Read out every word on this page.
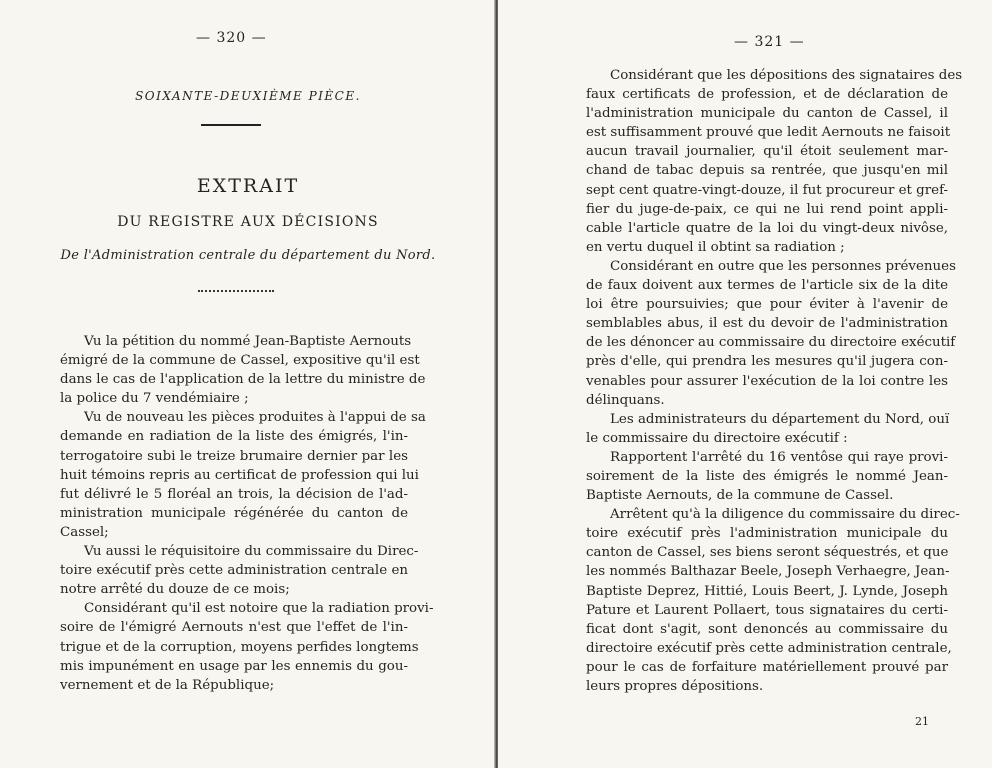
— 320 —
SOIXANTE-DEUXIÈME PIÈCE.
EXTRAIT
DU REGISTRE AUX DÉCISIONS
De l'Administration centrale du département du Nord.
Vu la pétition du nommé Jean-Baptiste Aernouts
émigré de la commune de Cassel, expositive qu'il est
dans le cas de l'application de la lettre du ministre de
la police du 7 vendémiaire ;
Vu de nouveau les pièces produites à l'appui de sa
demande en radiation de la liste des émigrés, l'in-
terrogatoire subi le treize brumaire dernier par les
huit témoins repris au certificat de profession qui lui
fut délivré le 5 floréal an trois, la décision de l'ad-
ministration municipale régénérée du canton de
Cassel;
Vu aussi le réquisitoire du commissaire du Direc-
toire exécutif près cette administration centrale en
notre arrêté du douze de ce mois;
Considérant qu'il est notoire que la radiation provi-
soire de l'émigré Aernouts n'est que l'effet de l'in-
trigue et de la corruption, moyens perfides longtems
mis impunément en usage par les ennemis du gou-
vernement et de la République;
— 321 —
Considérant que les dépositions des signataires des
faux certificats de profession, et de déclaration de
l'administration municipale du canton de Cassel, il
est suffisamment prouvé que ledit Aernouts ne faisoit
aucun travail journalier, qu'il étoit seulement mar-
chand de tabac depuis sa rentrée, que jusqu'en mil
sept cent quatre-vingt-douze, il fut procureur et gref-
fier du juge-de-paix, ce qui ne lui rend point appli-
cable l'article quatre de la loi du vingt-deux nivôse,
en vertu duquel il obtint sa radiation ;
Considérant en outre que les personnes prévenues
de faux doivent aux termes de l'article six de la dite
loi être poursuivies; que pour éviter à l'avenir de
semblables abus, il est du devoir de l'administration
de les dénoncer au commissaire du directoire exécutif
près d'elle, qui prendra les mesures qu'il jugera con-
venables pour assurer l'exécution de la loi contre les
délinquans.
Les administrateurs du département du Nord, ouï
le commissaire du directoire exécutif :
Rapportent l'arrêté du 16 ventôse qui raye provi-
soirement de la liste des émigrés le nommé Jean-
Baptiste Aernouts, de la commune de Cassel.
Arrêtent qu'à la diligence du commissaire du direc-
toire exécutif près l'administration municipale du
canton de Cassel, ses biens seront séquestrés, et que
les nommés Balthazar Beele, Joseph Verhaegre, Jean-
Baptiste Deprez, Hittié, Louis Beert, J. Lynde, Joseph
Pature et Laurent Pollaert, tous signataires du certi-
ficat dont s'agit, sont denoncés au commissaire du
directoire exécutif près cette administration centrale,
pour le cas de forfaiture matériellement prouvé par
leurs propres dépositions.
21
